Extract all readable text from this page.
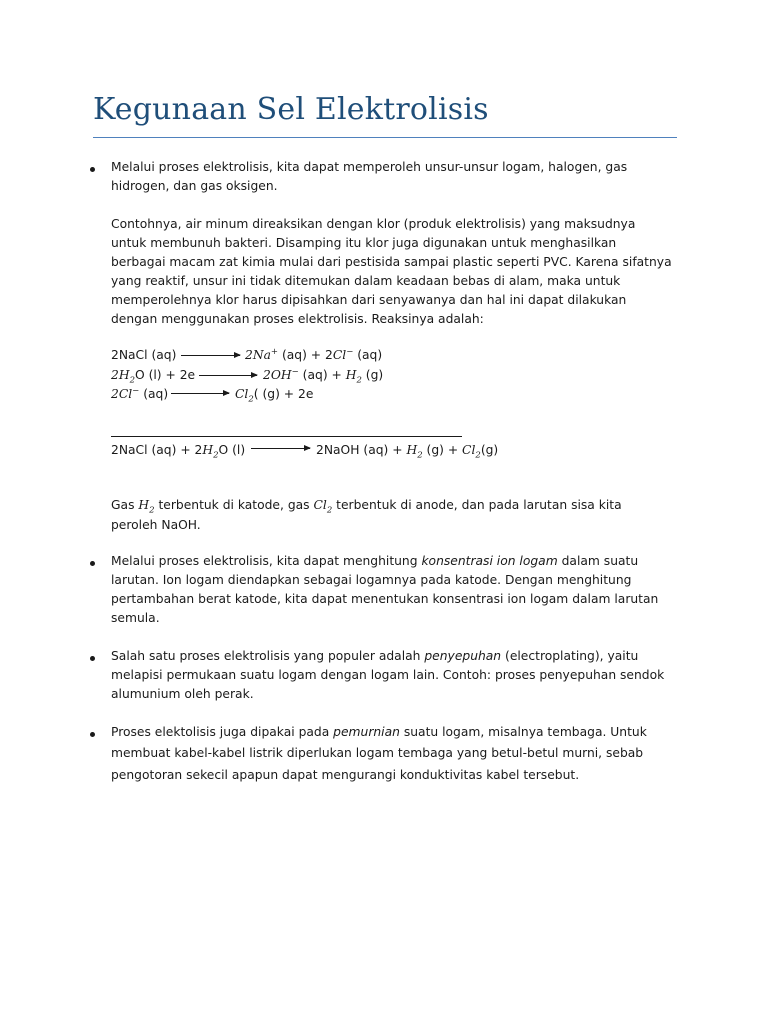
Kegunaan Sel Elektrolisis
Melalui proses elektrolisis, kita dapat memperoleh unsur-unsur logam, halogen, gas
hidrogen, dan gas oksigen.
Contohnya, air minum direaksikan dengan klor (produk elektrolisis) yang maksudnya
untuk membunuh bakteri. Disamping itu klor juga digunakan untuk menghasilkan
berbagai macam zat kimia mulai dari pestisida sampai plastic seperti PVC. Karena sifatnya
yang reaktif, unsur ini tidak ditemukan dalam keadaan bebas di alam, maka untuk
memperolehnya klor harus dipisahkan dari senyawanya dan hal ini dapat dilakukan
dengan menggunakan proses elektrolisis. Reaksinya adalah:
2NaCl (aq) → 2Na+ (aq) + 2Cl− (aq)
$2H_2O$ (l) + 2e → 2OH− $(aq) + H_2$ (g)
2Cl− $(aq) \to Cl_2$( (g) + 2e
2NaCl $(aq) + 2H_2O$ (l) → 2NaOH $(aq) + H_2$ $(g) + Cl_2(g)$
Gas $H_2$ terbentuk di katode, gas $Cl_2$ terbentuk di anode, dan pada larutan sisa kita
peroleh NaOH.
Melalui proses elektrolisis, kita dapat menghitung konsentrasi ion logam dalam suatu
larutan. Ion logam diendapkan sebagai logamnya pada katode. Dengan menghitung
pertambahan berat katode, kita dapat menentukan konsentrasi ion logam dalam larutan
semula.
Salah satu proses elektrolisis yang populer adalah penyepuhan (electroplating), yaitu
melapisi permukaan suatu logam dengan logam lain. Contoh: proses penyepuhan sendok
alumunium oleh perak.
Proses elektolisis juga dipakai pada pemurnian suatu logam, misalnya tembaga. Untuk
membuat kabel-kabel listrik diperlukan logam tembaga yang betul-betul murni, sebab
pengotoran sekecil apapun dapat mengurangi konduktivitas kabel tersebut.
